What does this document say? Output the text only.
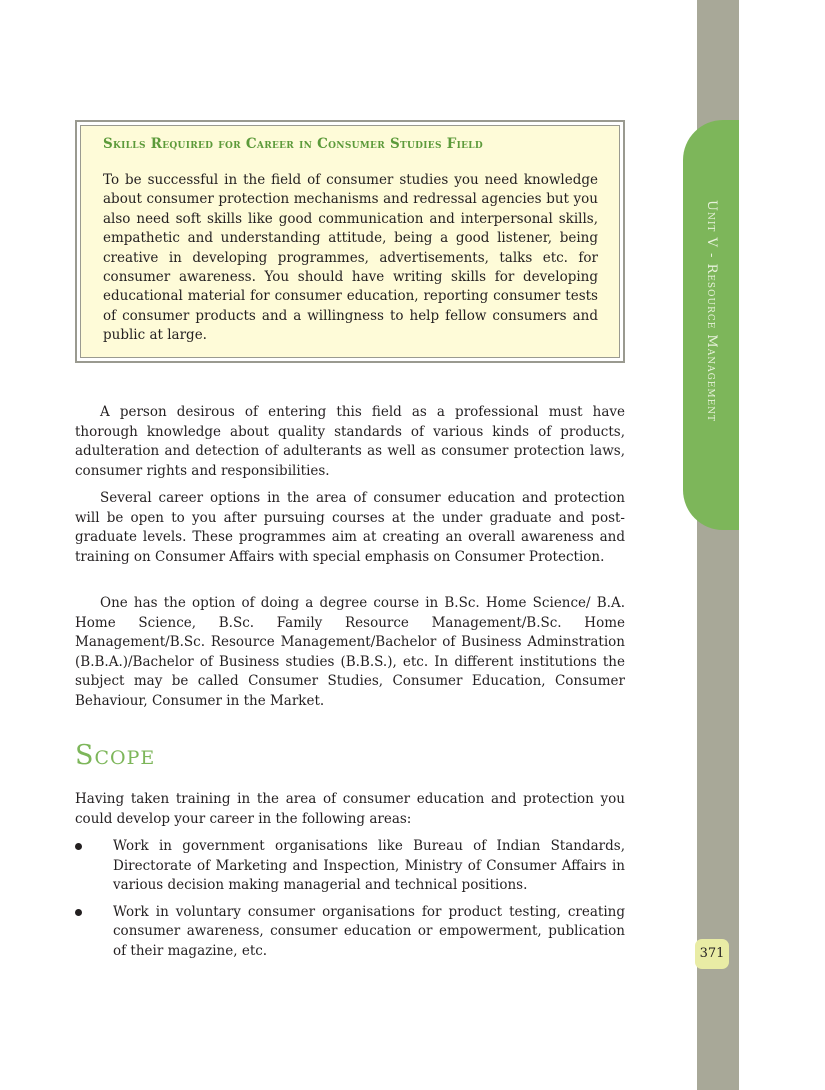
Unit V - Resource Management
371
Skills Required for Career in Consumer Studies Field

To be successful in the field of consumer studies you need knowledge about consumer protection mechanisms and redressal agencies but you also need soft skills like good communication and interpersonal skills, empathetic and understanding attitude, being a good listener, being creative in developing programmes, advertisements, talks etc. for consumer awareness. You should have writing skills for developing educational material for consumer education, reporting consumer tests of consumer products and a willingness to help fellow consumers and public at large.

A person desirous of entering this field as a professional must have thorough knowledge about quality standards of various kinds of products, adulteration and detection of adulterants as well as consumer protection laws, consumer rights and responsibilities.

Several career options in the area of consumer education and protection will be open to you after pursuing courses at the under graduate and post-graduate levels. These programmes aim at creating an overall awareness and training on Consumer Affairs with special emphasis on Consumer Protection.

One has the option of doing a degree course in B.Sc. Home Science/ B.A. Home Science, B.Sc. Family Resource Management/B.Sc. Home Management/B.Sc. Resource Management/Bachelor of Business Adminstration (B.B.A.)/Bachelor of Business studies (B.B.S.), etc. In different institutions the subject may be called Consumer Studies, Consumer Education, Consumer Behaviour, Consumer in the Market.

Scope

Having taken training in the area of consumer education and protection you could develop your career in the following areas:

Work in government organisations like Bureau of Indian Standards, Directorate of Marketing and Inspection, Ministry of Consumer Affairs in various decision making managerial and technical positions.
Work in voluntary consumer organisations for product testing, creating consumer awareness, consumer education or empowerment, publication of their magazine, etc.
